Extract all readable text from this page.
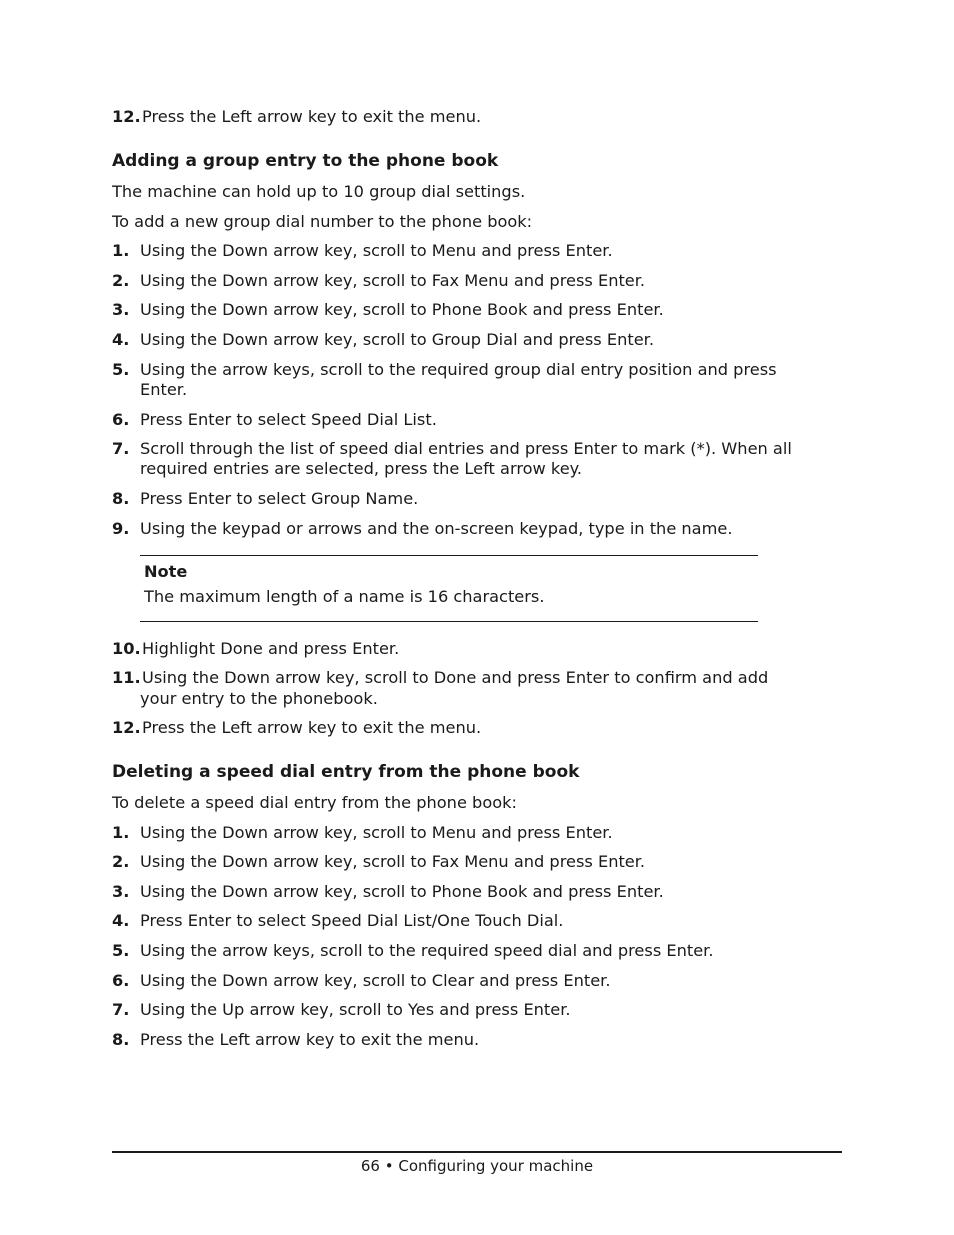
12. Press the Left arrow key to exit the menu.
Adding a group entry to the phone book
The machine can hold up to 10 group dial settings.
To add a new group dial number to the phone book:
1. Using the Down arrow key, scroll to Menu and press Enter.
2. Using the Down arrow key, scroll to Fax Menu and press Enter.
3. Using the Down arrow key, scroll to Phone Book and press Enter.
4. Using the Down arrow key, scroll to Group Dial and press Enter.
5. Using the arrow keys, scroll to the required group dial entry position and press
Enter.
6. Press Enter to select Speed Dial List.
7. Scroll through the list of speed dial entries and press Enter to mark (*). When all
required entries are selected, press the Left arrow key.
8. Press Enter to select Group Name.
9. Using the keypad or arrows and the on-screen keypad, type in the name.
Note
The maximum length of a name is 16 characters.
10. Highlight Done and press Enter.
11. Using the Down arrow key, scroll to Done and press Enter to confirm and add
your entry to the phonebook.
12. Press the Left arrow key to exit the menu.
Deleting a speed dial entry from the phone book
To delete a speed dial entry from the phone book:
1. Using the Down arrow key, scroll to Menu and press Enter.
2. Using the Down arrow key, scroll to Fax Menu and press Enter.
3. Using the Down arrow key, scroll to Phone Book and press Enter.
4. Press Enter to select Speed Dial List/One Touch Dial.
5. Using the arrow keys, scroll to the required speed dial and press Enter.
6. Using the Down arrow key, scroll to Clear and press Enter.
7. Using the Up arrow key, scroll to Yes and press Enter.
8. Press the Left arrow key to exit the menu.
66 • Configuring your machine
